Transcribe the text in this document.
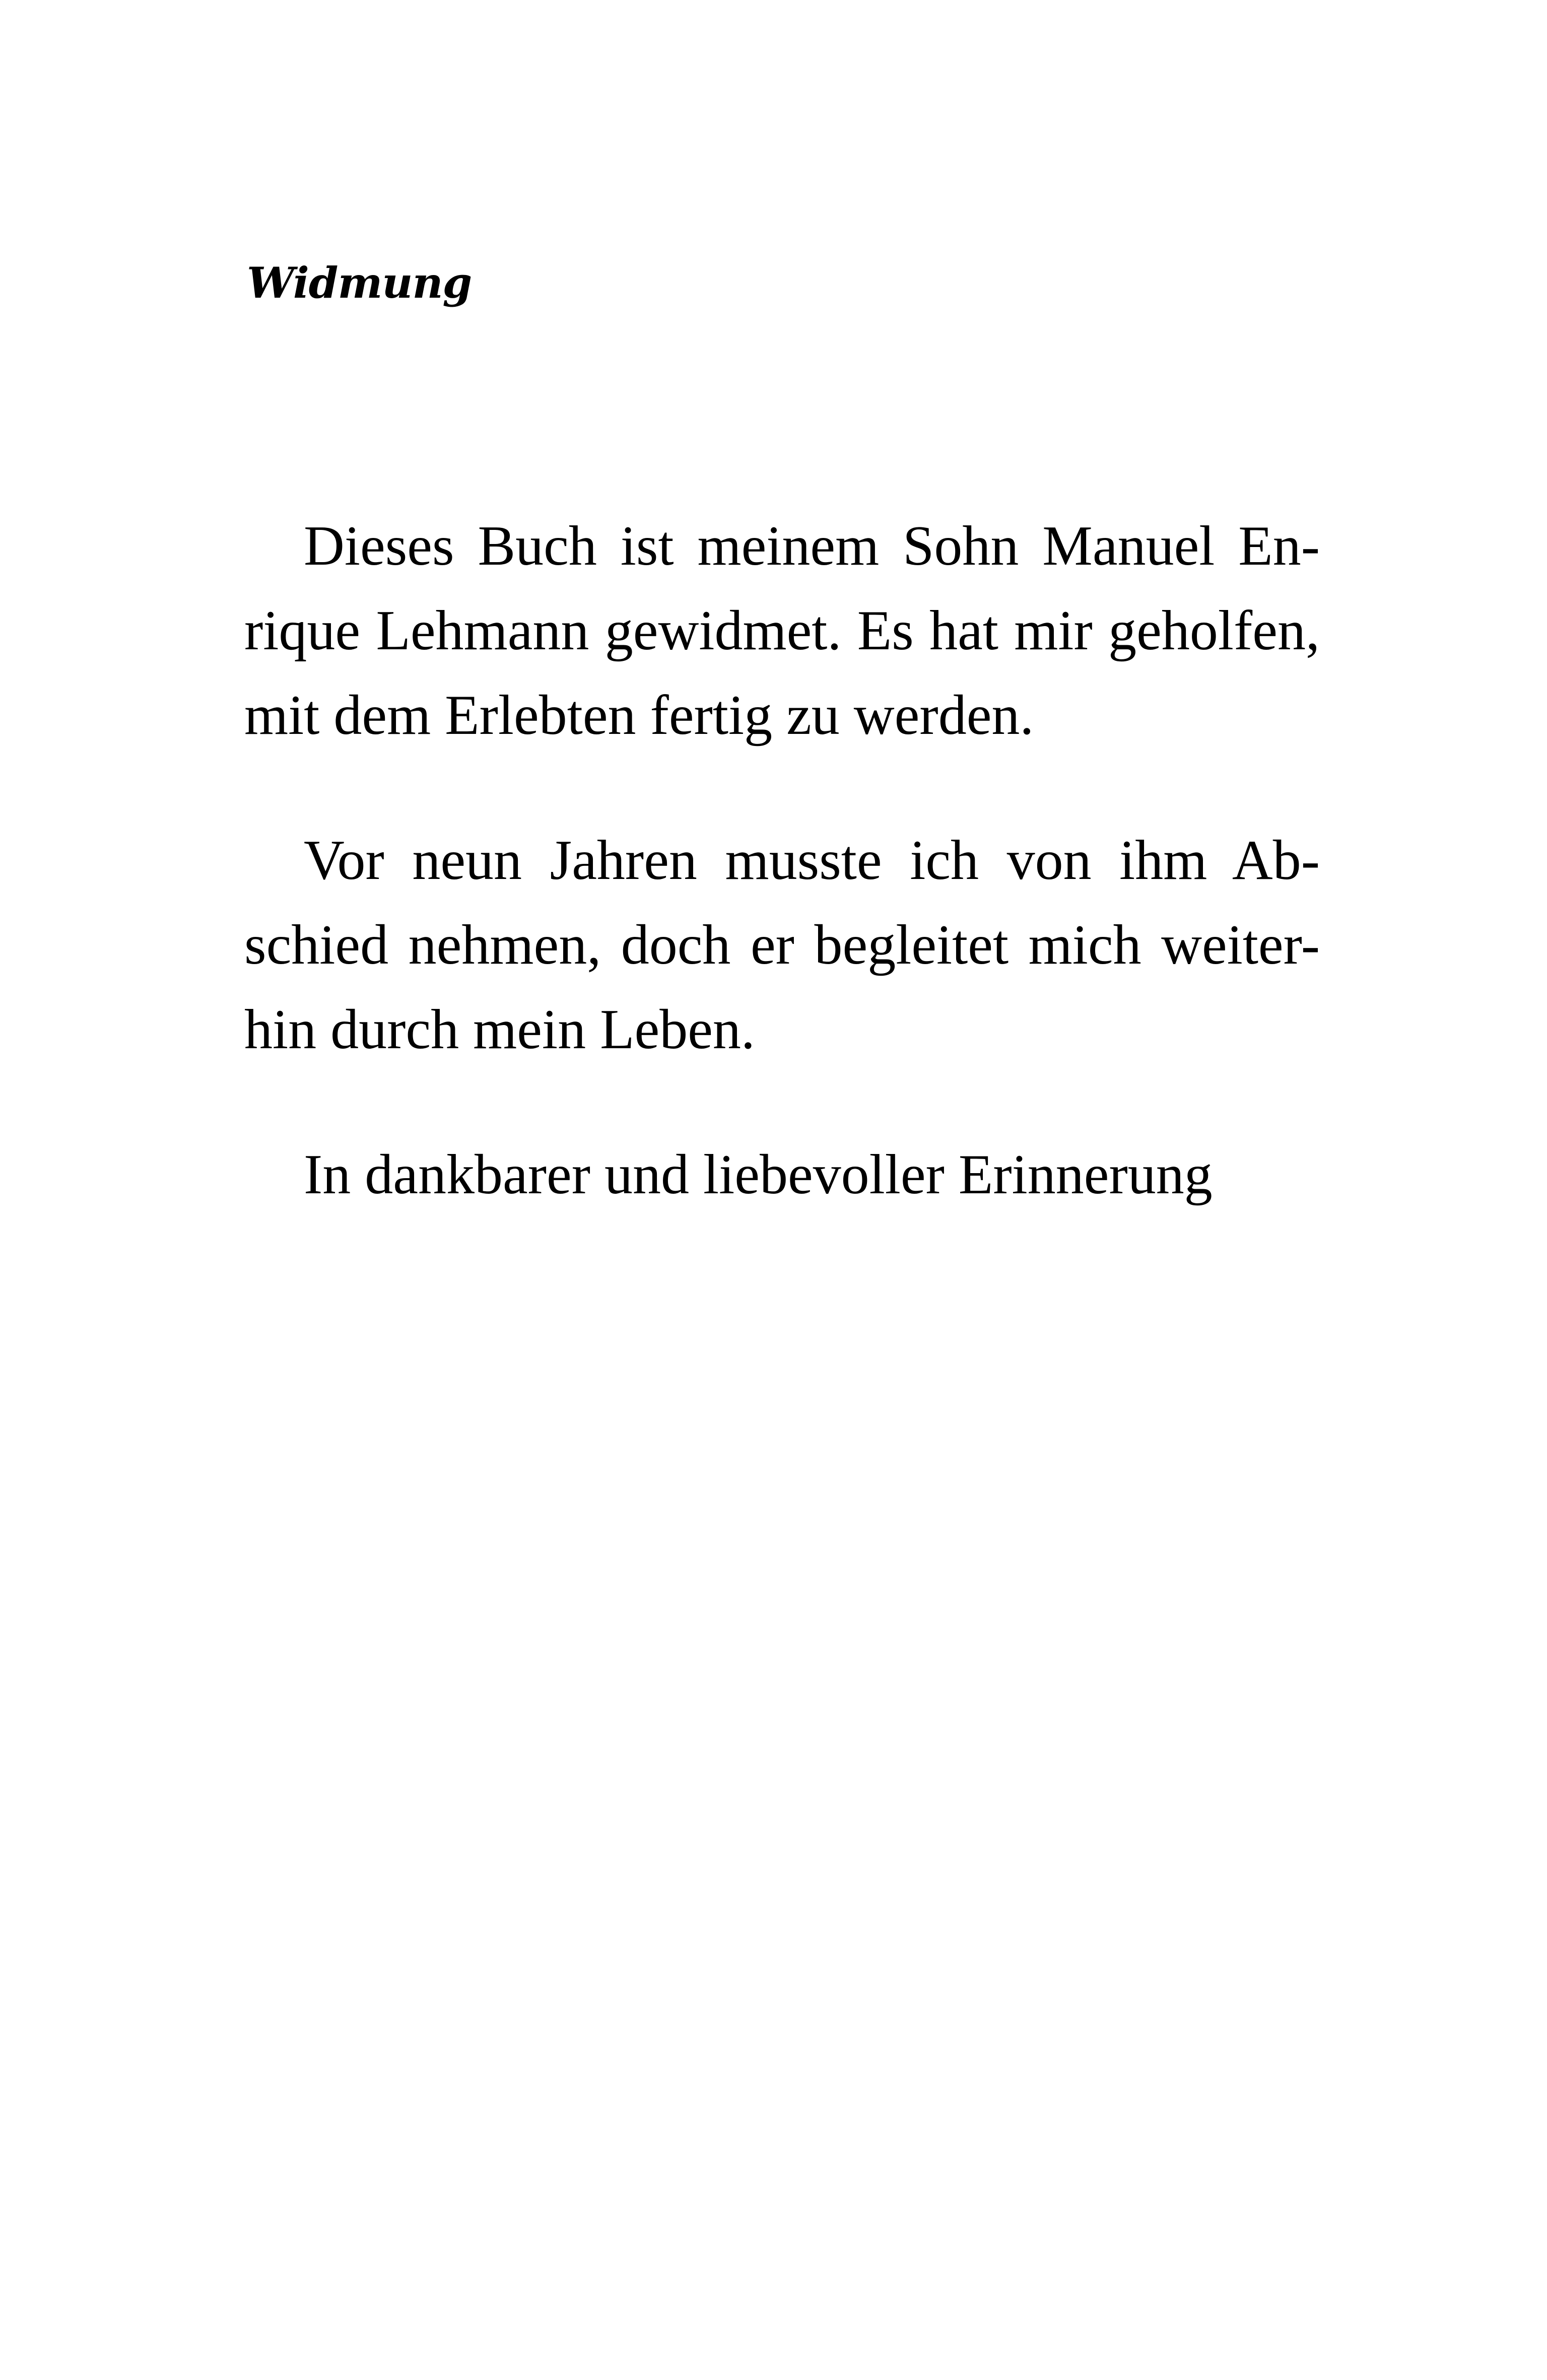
Widmung

Dieses Buch ist meinem Sohn Manuel En-
rique Lehmann gewidmet. Es hat mir geholfen,
mit dem Erlebten fertig zu werden.

Vor neun Jahren musste ich von ihm Ab-
schied nehmen, doch er begleitet mich weiter-
hin durch mein Leben.

In dankbarer und liebevoller Erinnerung
